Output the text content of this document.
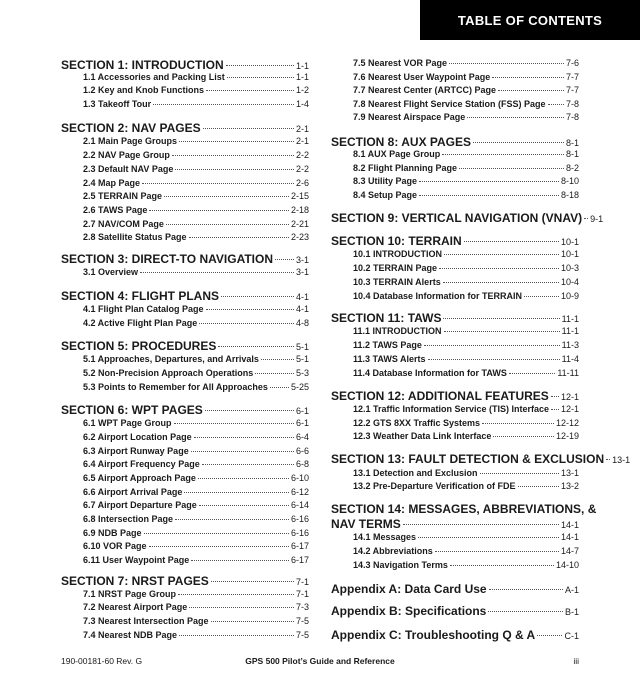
TABLE OF CONTENTS
SECTION 1: INTRODUCTION	1-1
1.1 Accessories and Packing List	1-1
1.2 Key and Knob Functions	1-2
1.3 Takeoff Tour	1-4
SECTION 2: NAV PAGES	2-1
2.1 Main Page Groups	2-1
2.2 NAV Page Group	2-2
2.3 Default NAV Page	2-2
2.4 Map Page	2-6
2.5 TERRAIN Page	2-15
2.6 TAWS Page	2-18
2.7 NAV/COM Page	2-21
2.8 Satellite Status Page	2-23
SECTION 3: DIRECT-TO NAVIGATION	3-1
3.1 Overview	3-1
SECTION 4: FLIGHT PLANS	4-1
4.1 Flight Plan Catalog Page	4-1
4.2 Active Flight Plan Page	4-8
SECTION 5: PROCEDURES	5-1
5.1 Approaches, Departures, and Arrivals	5-1
5.2 Non-Precision Approach Operations	5-3
5.3 Points to Remember for All Approaches	5-25
SECTION 6: WPT PAGES	6-1
6.1 WPT Page Group	6-1
6.2 Airport Location Page	6-4
6.3 Airport Runway Page	6-6
6.4 Airport Frequency Page	6-8
6.5 Airport Approach Page	6-10
6.6 Airport Arrival Page	6-12
6.7 Airport Departure Page	6-14
6.8 Intersection Page	6-16
6.9 NDB Page	6-16
6.10 VOR Page	6-17
6.11 User Waypoint Page	6-17
SECTION 7: NRST PAGES	7-1
7.1 NRST Page Group	7-1
7.2 Nearest Airport Page	7-3
7.3 Nearest Intersection Page	7-5
7.4 Nearest NDB Page	7-5
7.5 Nearest VOR Page	7-6
7.6 Nearest User Waypoint Page	7-7
7.7 Nearest Center (ARTCC) Page	7-7
7.8 Nearest Flight Service Station (FSS) Page 7-8
7.9 Nearest Airspace Page	7-8
SECTION 8: AUX PAGES	8-1
8.1 AUX Page Group	8-1
8.2 Flight Planning Page	8-2
8.3 Utility Page	8-10
8.4 Setup Page	8-18
SECTION 9: VERTICAL NAVIGATION (VNAV) 9-1
SECTION 10: TERRAIN	10-1
10.1 INTRODUCTION	10-1
10.2 TERRAIN Page	10-3
10.3 TERRAIN Alerts	10-4
10.4 Database Information for TERRAIN	10-9
SECTION 11: TAWS	11-1
11.1 INTRODUCTION	11-1
11.2 TAWS Page	11-3
11.3 TAWS Alerts	11-4
11.4 Database Information for TAWS	11-11
SECTION 12: ADDITIONAL FEATURES 12-1
12.1 Traffic Information Service (TIS) Interface 12-1
12.2 GTS 8XX Traffic Systems	12-12
12.3 Weather Data Link Interface	12-19
SECTION 13: FAULT DETECTION & EXCLUSION 13-1
13.1 Detection and Exclusion	13-1
13.2 Pre-Departure Verification of FDE	13-2
SECTION 14: MESSAGES, ABBREVIATIONS, &
NAV TERMS	14-1
14.1 Messages	14-1
14.2 Abbreviations	14-7
14.3 Navigation Terms	14-10
Appendix A: Data Card Use	A-1
Appendix B: Specifications	B-1
Appendix C: Troubleshooting Q & A	C-1
190-00181-60 Rev. G	GPS 500 Pilot’s Guide and Reference	iii
